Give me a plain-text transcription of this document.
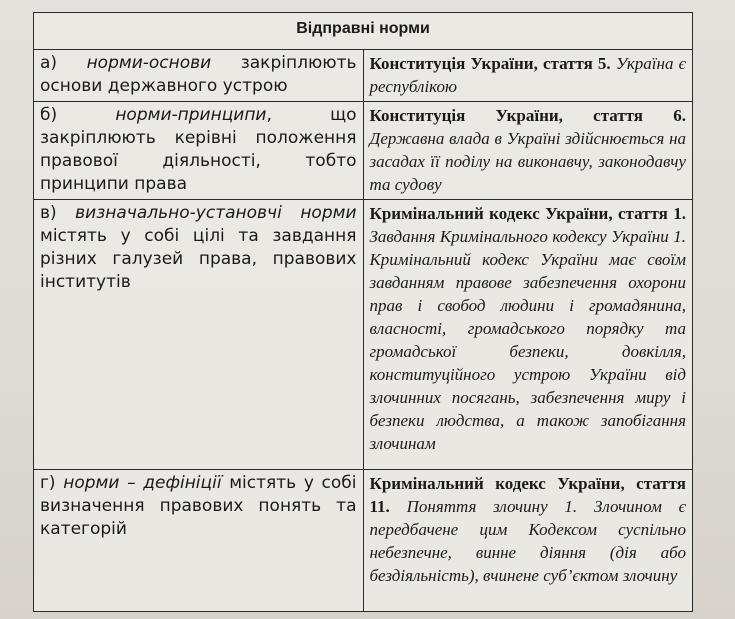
Відправні норми	
а) норми-основи закріплюють основи державного устрою	Конституція України, стаття 5. Україна є республікою
б) норми-принципи, що закріплюють керівні положення правової діяльності, тобто принципи права	Конституція України, стаття 6. Державна влада в Україні здійснюється на засадах її поділу на виконавчу, законодавчу та судову
в) визначально-установчі норми містять у собі цілі та завдання різних галузей права, правових інститутів	Кримінальний кодекс України, стаття 1. Завдання Кримінального кодексу України 1. Кримінальний кодекс України має своїм завданням правове забезпечення охорони прав і свобод людини і громадянина, власності, громадського порядку та громадської безпеки, довкілля, конституційного устрою України від злочинних посягань, забезпечення миру і безпеки людства, а також запобігання злочинам
г) норми – дефініції містять у собі визначення правових понять та категорій	Кримінальний кодекс України, стаття 11. Поняття злочину 1. Злочином є передбачене цим Кодексом суспільно небезпечне, винне діяння (дія або бездіяльність), вчинене суб’єктом злочину
